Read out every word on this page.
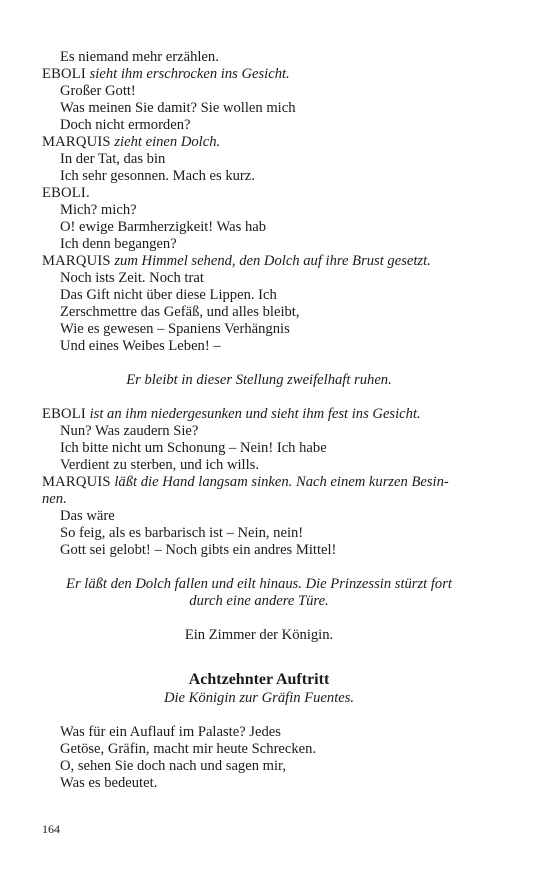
Es niemand mehr erzählen.
EBOLI sieht ihm erschrocken ins Gesicht.
Großer Gott!
Was meinen Sie damit? Sie wollen mich
Doch nicht ermorden?
MARQUIS zieht einen Dolch.
In der Tat, das bin
Ich sehr gesonnen. Mach es kurz.
EBOLI.
Mich? mich?
O! ewige Barmherzigkeit! Was hab
Ich denn begangen?
MARQUIS zum Himmel sehend, den Dolch auf ihre Brust gesetzt.
Noch ists Zeit. Noch trat
Das Gift nicht über diese Lippen. Ich
Zerschmettre das Gefäß, und alles bleibt,
Wie es gewesen – Spaniens Verhängnis
Und eines Weibes Leben! –
Er bleibt in dieser Stellung zweifelhaft ruhen.
EBOLI ist an ihm niedergesunken und sieht ihm fest ins Gesicht.
Nun? Was zaudern Sie?
Ich bitte nicht um Schonung – Nein! Ich habe
Verdient zu sterben, und ich wills.
MARQUIS läßt die Hand langsam sinken. Nach einem kurzen Besin-
nen.
Das wäre
So feig, als es barbarisch ist – Nein, nein!
Gott sei gelobt! – Noch gibts ein andres Mittel!
Er läßt den Dolch fallen und eilt hinaus. Die Prinzessin stürzt fort
durch eine andere Türe.
Ein Zimmer der Königin.
Achtzehnter Auftritt
Die Königin zur Gräfin Fuentes.
Was für ein Auflauf im Palaste? Jedes
Getöse, Gräfin, macht mir heute Schrecken.
O, sehen Sie doch nach und sagen mir,
Was es bedeutet.
164
